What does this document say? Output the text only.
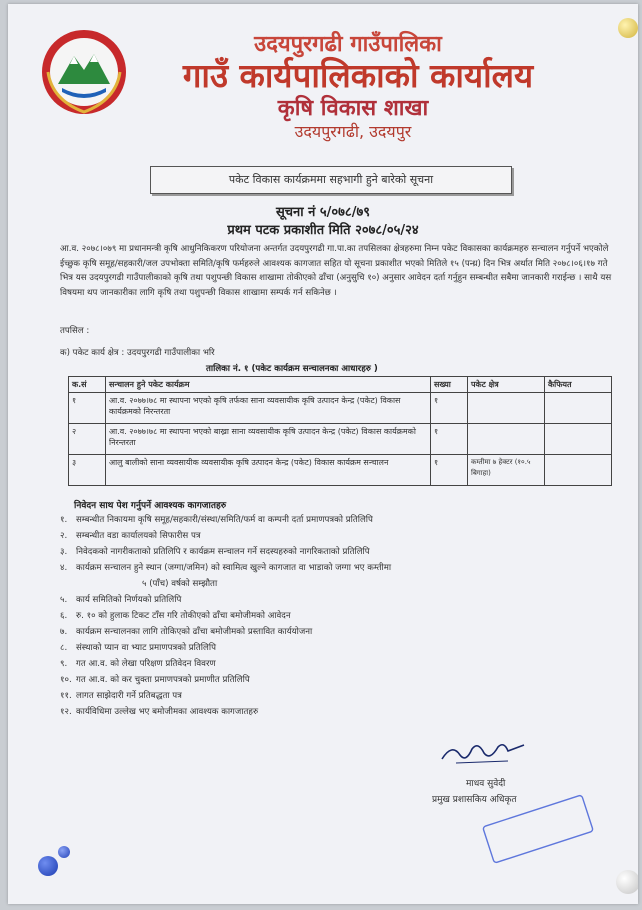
उदयपुरगढी गाउँपालिका
गाउँ कार्यपालिकाको कार्यालय
कृषि विकास शाखा
उदयपुरगढी, उदयपुर
पकेट विकास कार्यक्रममा सहभागी हुने बारेको सूचना
सूचना नं ५/०७८/७९
प्रथम पटक प्रकाशीत मिति २०७८/०५/२४
आ.व. २०७८।०७९ मा प्रधानमन्त्री कृषि आधुनिकिकरण परियोजना अन्तर्गत उदयपुरगढी गा.पा.का तपसिलका क्षेत्रहरुमा निम्न पकेट विकासका कार्यक्रमहरु सन्चालन गर्नुपर्ने भएकोले ईच्छुक कृषि समूह/सहकारी/जल उपभोक्ता समिति/कृषि फर्महरुले आवश्यक कागजात सहित यो सूचना प्रकाशीत भएको मितिले १५ (पन्ध्र) दिन भित्र अर्थात मिति २०७८।०६।१७ गते भित्र यस उदयपुरगढी गाउँपालीकाको कृषि तथा पशुपन्छी विकास शाखामा तोकीएको ढाँचा (अनुसुचि १०) अनुसार आवेदन दर्ता गर्नुहुन सम्बन्धीत सबैमा जानकारी गराईन्छ । साथै यस विषयमा थप जानकारीका लागि कृषि तथा पशुपन्छी विकास शाखामा सम्पर्क गर्न सकिनेछ ।
तपसिल :
क) पकेट कार्य क्षेत्र : उदयपुरगढी गाउँपालीका भरि
तालिका नं. १ (पकेट कार्यक्रम सन्चालनका आधारहरु )
क.सं	सन्चालन हुने पकेट कार्यक्रम	सख्या	पकेट क्षेत्र	कैफियत
१	आ.व. २०७७।७८ मा स्थापना भएको कृषि तर्फका साना व्यवसायीक कृषि उत्पादन केन्द्र (पकेट) विकास कार्यक्रमको निरन्तरता	१		
२	आ.व. २०७७।७८ मा स्थापना भएको बाख्रा साना व्यवसायीक कृषि उत्पादन केन्द्र (पकेट) विकास कार्यक्रमको निरन्तरता	१		
३	आलु बालीको साना व्यवसायीक व्यवसायीक कृषि उत्पादन केन्द्र (पकेट) विकास कार्यक्रम सन्चालन	१	कम्तीमा ७ हेक्टर (१०.५ बिगाहा)	
निवेदन साथ पेश गर्नुपर्ने आवश्यक कागजातहरु
१. सम्बन्धीत निकायमा कृषि समूह/सहकारी/संस्था/समिति/फर्म वा कम्पनी दर्ता प्रमाणपत्रको प्रतिलिपि
२. सम्बन्धीत वडा कार्यालयको सिफारीस पत्र
३. निवेदकको नागरीकताको प्रतिलिपि र कार्यक्रम सन्चालन गर्ने सदस्यहरुको नागरिकताको प्रतिलिपि
४. कार्यक्रम सन्चालन हुने स्थान (जग्गा/जमिन) को स्वामित्व खुल्ने कागजात वा भाडाको जग्गा भए कम्तीमा
५ (पाँच) वर्षको सम्झौता
५. कार्य समितिको निर्णयको प्रतिलिपि
६. रु. १० को हुलाक टिकट टाँस गरि तोकीएको ढाँचा बमोजीमको आवेदन
७. कार्यक्रम सन्चालनका लागि तोकिएको ढाँचा बमोजीमको प्रस्तावित कार्ययोजना
८. संस्थाको प्यान वा भ्याट प्रमाणपत्रको प्रतिलिपि
९. गत आ.व. को लेखा परिक्षण प्रतिवेदन विवरण
१०. गत आ.व. को कर चुक्ता प्रमाणपत्रको प्रमाणीत प्रतिलिपि
११. लागत साझेदारी गर्ने प्रतिबद्धता पत्र
१२. कार्यविधिमा उल्लेख भए बमोजीमका आवश्यक कागजातहरु
माधव सुवेदी
प्रमुख प्रशासकिय अधिकृत
